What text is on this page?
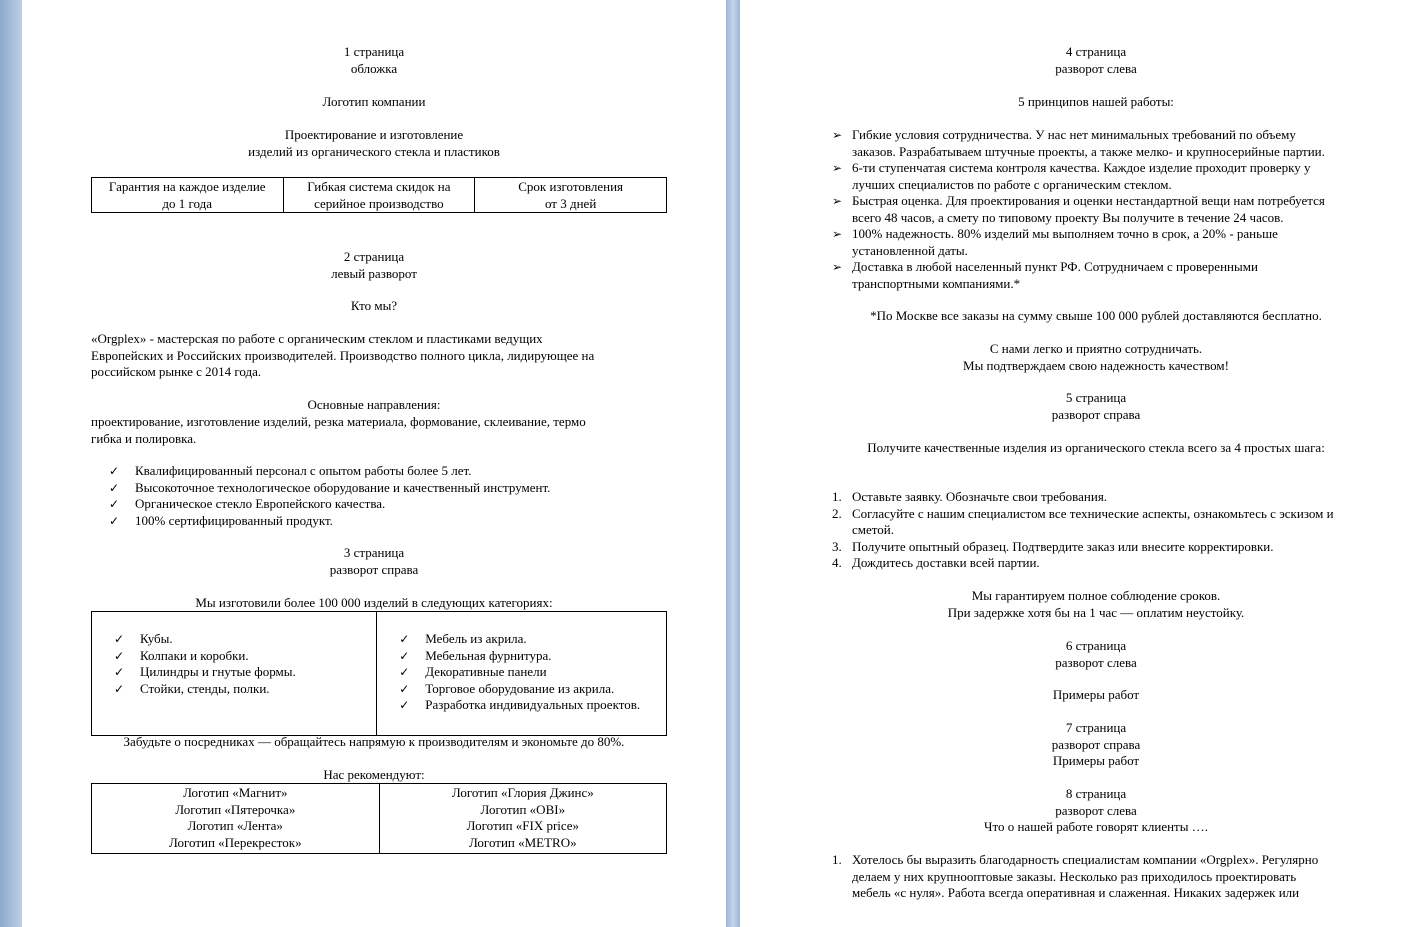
1 страница
обложка
Логотип компании
Проектирование и изготовление
изделий из органического стекла и пластиков
Гарантия на каждое изделие
до 1 года

Гибкая система скидок на
серийное производство

Срок изготовления
от 3 дней
2 страница
левый разворот
Кто мы?
«Orgplex» - мастерская по работе с органическим стеклом и пластиками ведущих
Европейских и Российских производителей. Производство полного цикла, лидирующее на
российском рынке с 2014 года.
Основные направления:
проектирование, изготовление изделий, резка материала, формование, склеивание, термо
гибка и полировка.
✓ Квалифицированный персонал с опытом работы более 5 лет.
✓ Высокоточное технологическое оборудование и качественный инструмент.
✓ Органическое стекло Европейского качества.
✓ 100% сертифицированный продукт.
3 страница
разворот справа
Мы изготовили более 100 000 изделий в следующих категориях:
✓ Кубы.
✓ Колпаки и коробки.
✓ Цилиндры и гнутые формы.
✓ Стойки, стенды, полки.

✓ Мебель из акрила.
✓ Мебельная фурнитура.
✓ Декоративные панели
✓ Торговое оборудование из акрила.
✓ Разработка индивидуальных проектов.
Забудьте о посредниках — обращайтесь напрямую к производителям и экономьте до 80%.
Нас рекомендуют:
Логотип «Магнит»
Логотип «Пятерочка»
Логотип «Лента»
Логотип «Перекресток»

Логотип «Глория Джинс»
Логотип «OBI»
Логотип «FIX price»
Логотип «METRO»
4 страница
разворот слева
5 принципов нашей работы:
➢ Гибкие условия сотрудничества. У нас нет минимальных требований по объему
заказов. Разрабатываем штучные проекты, а также мелко- и крупносерийные партии.
➢ 6-ти ступенчатая система контроля качества. Каждое изделие проходит проверку у
лучших специалистов по работе с органическим стеклом.
➢ Быстрая оценка. Для проектирования и оценки нестандартной вещи нам потребуется
всего 48 часов, а смету по типовому проекту Вы получите в течение 24 часов.
➢ 100% надежность. 80% изделий мы выполняем точно в срок, а 20% - раньше
установленной даты.
➢ Доставка в любой населенный пункт РФ. Сотрудничаем с проверенными
транспортными компаниями.*
*По Москве все заказы на сумму свыше 100 000 рублей доставляются бесплатно.
С нами легко и приятно сотрудничать.
Мы подтверждаем свою надежность качеством!
5 страница
разворот справа
Получите качественные изделия из органического стекла всего за 4 простых шага:
1. Оставьте заявку. Обозначьте свои требования.
2. Согласуйте с нашим специалистом все технические аспекты, ознакомьтесь с эскизом и
сметой.
3. Получите опытный образец. Подтвердите заказ или внесите корректировки.
4. Дождитесь доставки всей партии.
Мы гарантируем полное соблюдение сроков.
При задержке хотя бы на 1 час — оплатим неустойку.
6 страница
разворот слева
Примеры работ
7 страница
разворот справа
Примеры работ
8 страница
разворот слева
Что о нашей работе говорят клиенты ….
1. Хотелось бы выразить благодарность специалистам компании «Orgplex». Регулярно
делаем у них крупнооптовые заказы. Несколько раз приходилось проектировать
мебель «с нуля». Работа всегда оперативная и слаженная. Никаких задержек или
